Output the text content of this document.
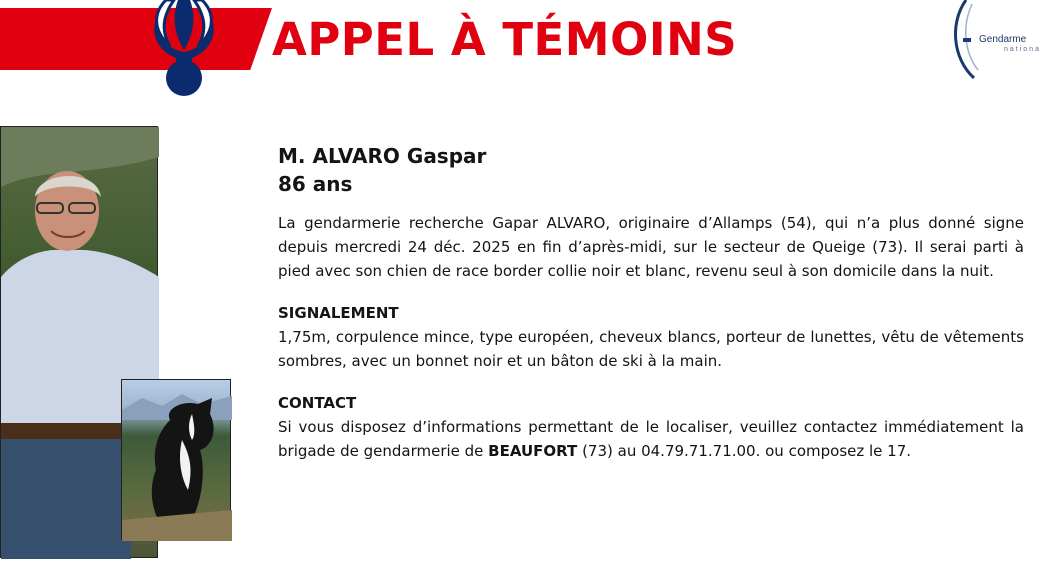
APPEL À TÉMOINS	Gendarme
nationa

M. ALVARO Gaspar

86 ans

La gendarmerie recherche Gapar ALVARO, originaire d’Allamps (54), qui n’a plus donné signe depuis mercredi 24 déc. 2025 en fin d’après-midi, sur le secteur de Queige (73). Il serai parti à pied avec son chien de race border collie noir et blanc, revenu seul à son domicile dans la nuit.

SIGNALEMENT

1,75m, corpulence mince, type européen, cheveux blancs, porteur de lunettes, vêtu de vêtements sombres, avec un bonnet noir et un bâton de ski à la main.

CONTACT

Si vous disposez d’informations permettant de le localiser, veuillez contactez immédiatement la brigade de gendarmerie de BEAUFORT (73) au 04.79.71.71.00. ou composez le 17.
